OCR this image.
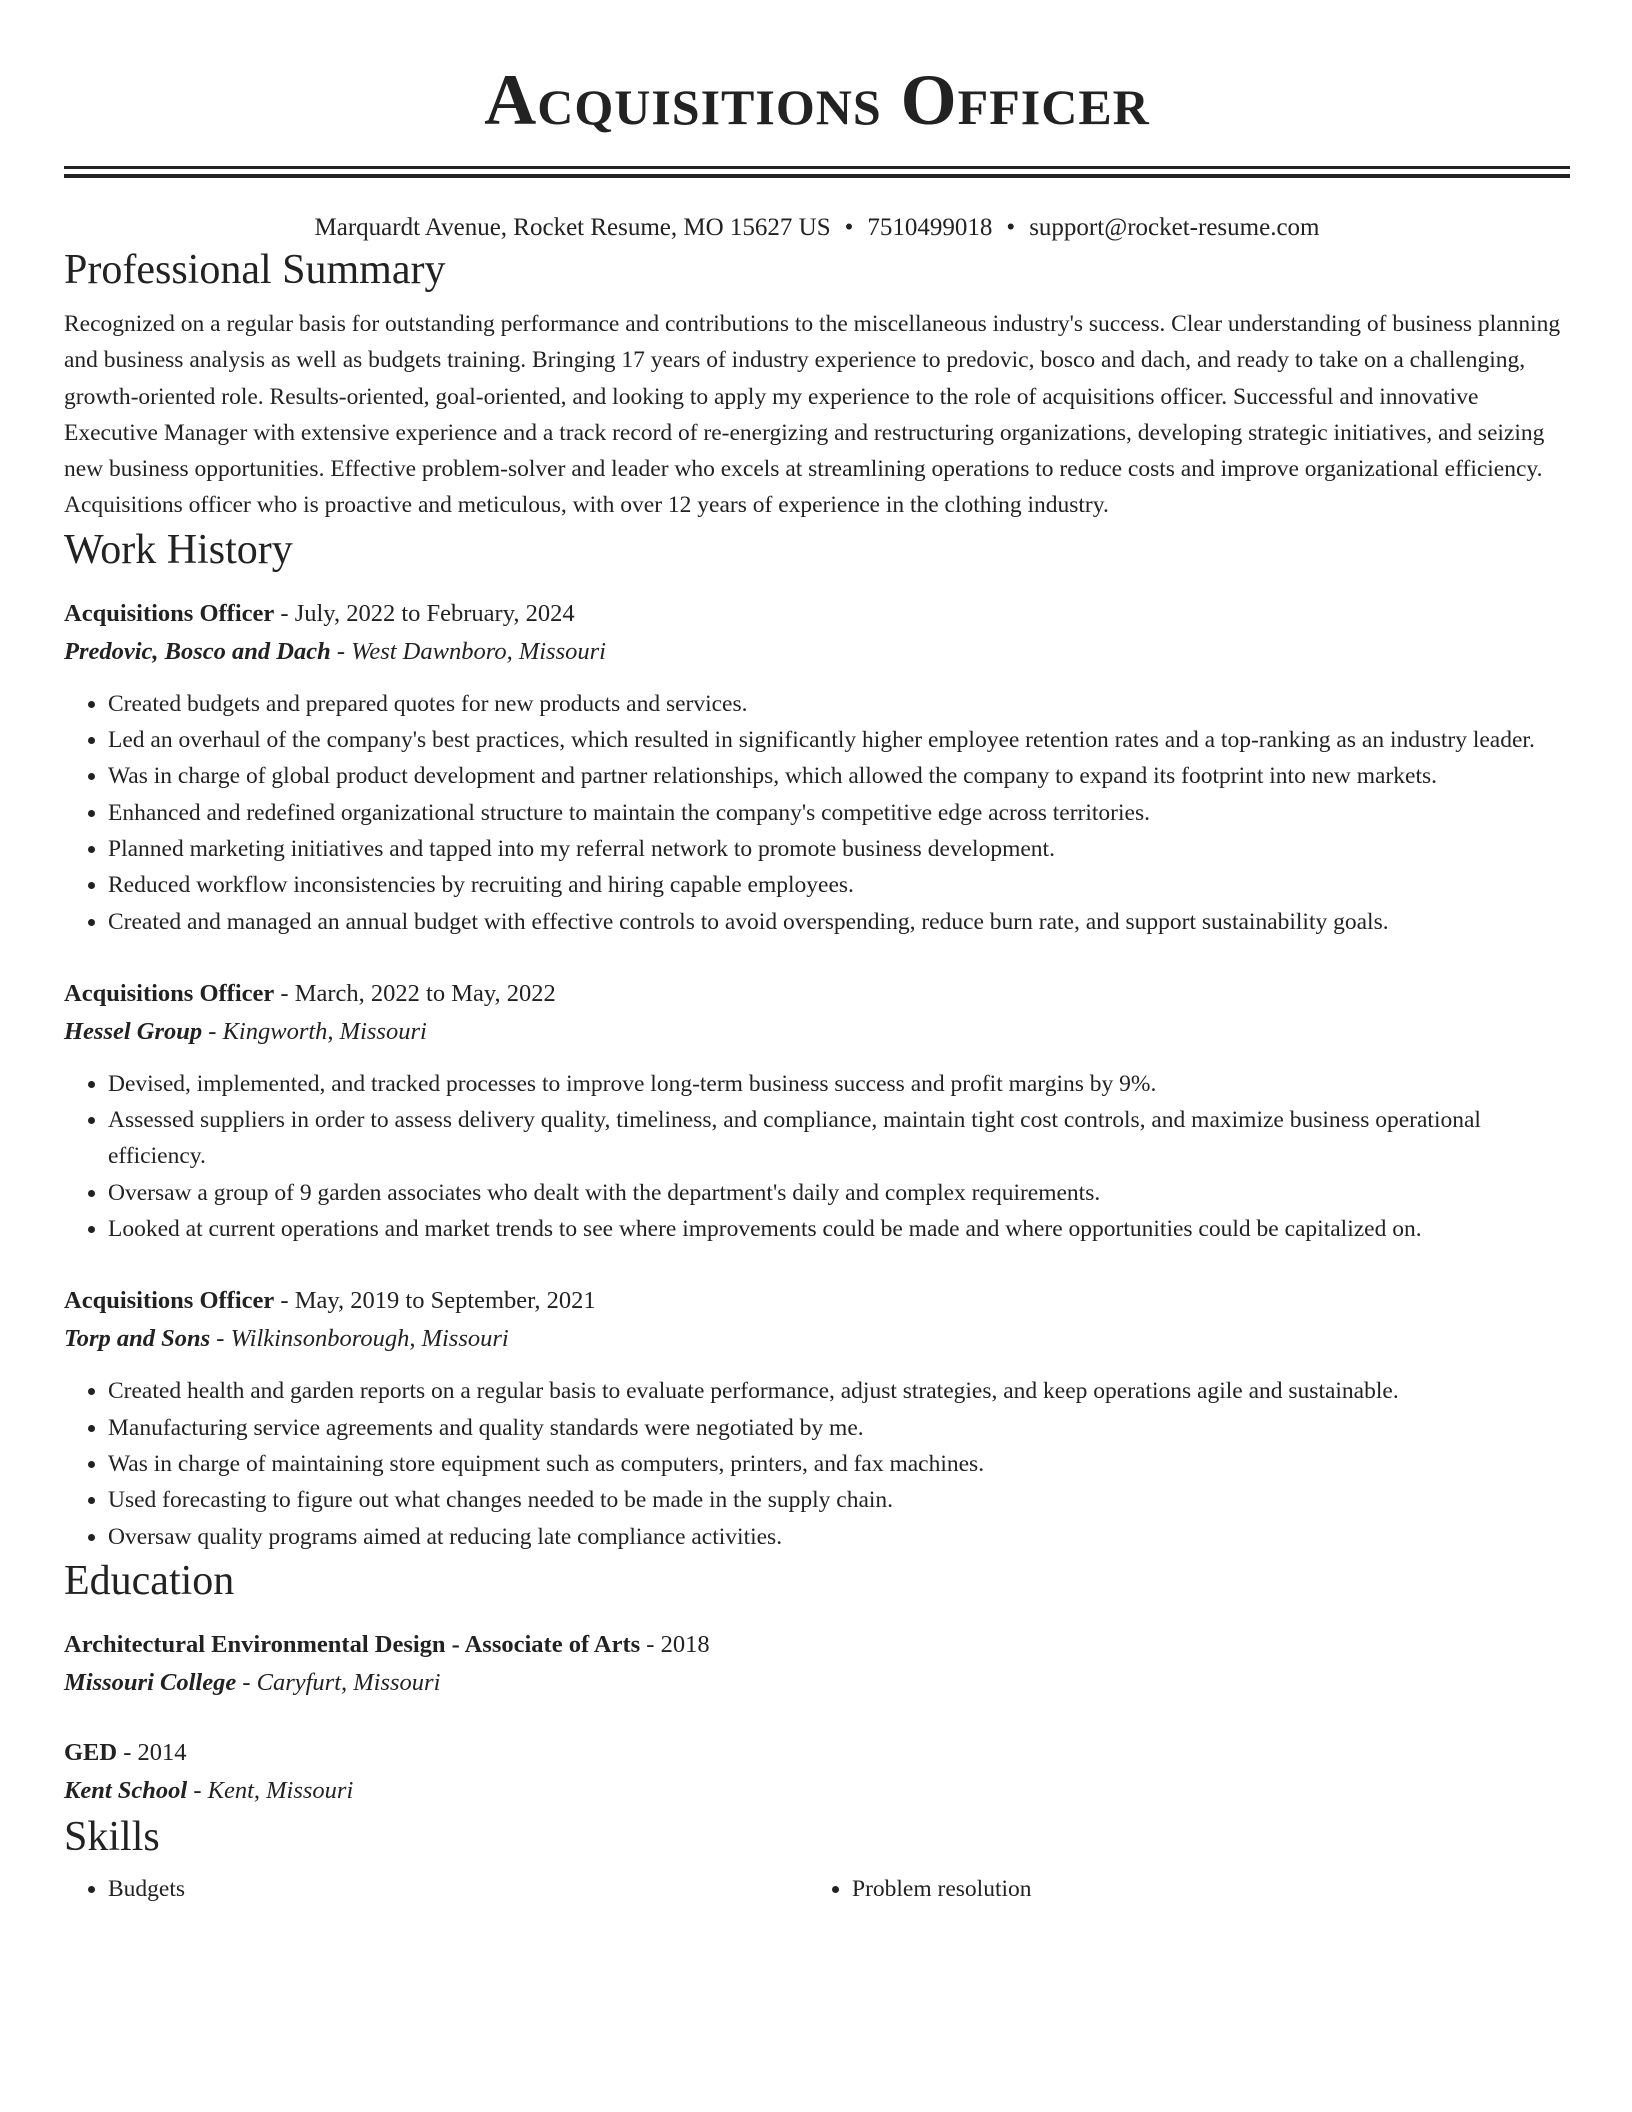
Acquisitions Officer
Marquardt Avenue, Rocket Resume, MO 15627 US • 7510499018 • support@rocket-resume.com
Professional Summary
Recognized on a regular basis for outstanding performance and contributions to the miscellaneous industry's success. Clear understanding of business planning and business analysis as well as budgets training. Bringing 17 years of industry experience to predovic, bosco and dach, and ready to take on a challenging, growth-oriented role. Results-oriented, goal-oriented, and looking to apply my experience to the role of acquisitions officer. Successful and innovative Executive Manager with extensive experience and a track record of re-energizing and restructuring organizations, developing strategic initiatives, and seizing new business opportunities. Effective problem-solver and leader who excels at streamlining operations to reduce costs and improve organizational efficiency. Acquisitions officer who is proactive and meticulous, with over 12 years of experience in the clothing industry.
Work History
Acquisitions Officer - July, 2022 to February, 2024
Predovic, Bosco and Dach - West Dawnboro, Missouri
• Created budgets and prepared quotes for new products and services.
• Led an overhaul of the company's best practices, which resulted in significantly higher employee retention rates and a top-ranking as an industry leader.
• Was in charge of global product development and partner relationships, which allowed the company to expand its footprint into new markets.
• Enhanced and redefined organizational structure to maintain the company's competitive edge across territories.
• Planned marketing initiatives and tapped into my referral network to promote business development.
• Reduced workflow inconsistencies by recruiting and hiring capable employees.
• Created and managed an annual budget with effective controls to avoid overspending, reduce burn rate, and support sustainability goals.
Acquisitions Officer - March, 2022 to May, 2022
Hessel Group - Kingworth, Missouri
• Devised, implemented, and tracked processes to improve long-term business success and profit margins by 9%.
• Assessed suppliers in order to assess delivery quality, timeliness, and compliance, maintain tight cost controls, and maximize business operational efficiency.
• Oversaw a group of 9 garden associates who dealt with the department's daily and complex requirements.
• Looked at current operations and market trends to see where improvements could be made and where opportunities could be capitalized on.
Acquisitions Officer - May, 2019 to September, 2021
Torp and Sons - Wilkinsonborough, Missouri
• Created health and garden reports on a regular basis to evaluate performance, adjust strategies, and keep operations agile and sustainable.
• Manufacturing service agreements and quality standards were negotiated by me.
• Was in charge of maintaining store equipment such as computers, printers, and fax machines.
• Used forecasting to figure out what changes needed to be made in the supply chain.
• Oversaw quality programs aimed at reducing late compliance activities.
Education
Architectural Environmental Design - Associate of Arts - 2018
Missouri College - Caryfurt, Missouri
GED - 2014
Kent School - Kent, Missouri
Skills
• Budgets
•	Problem resolution
